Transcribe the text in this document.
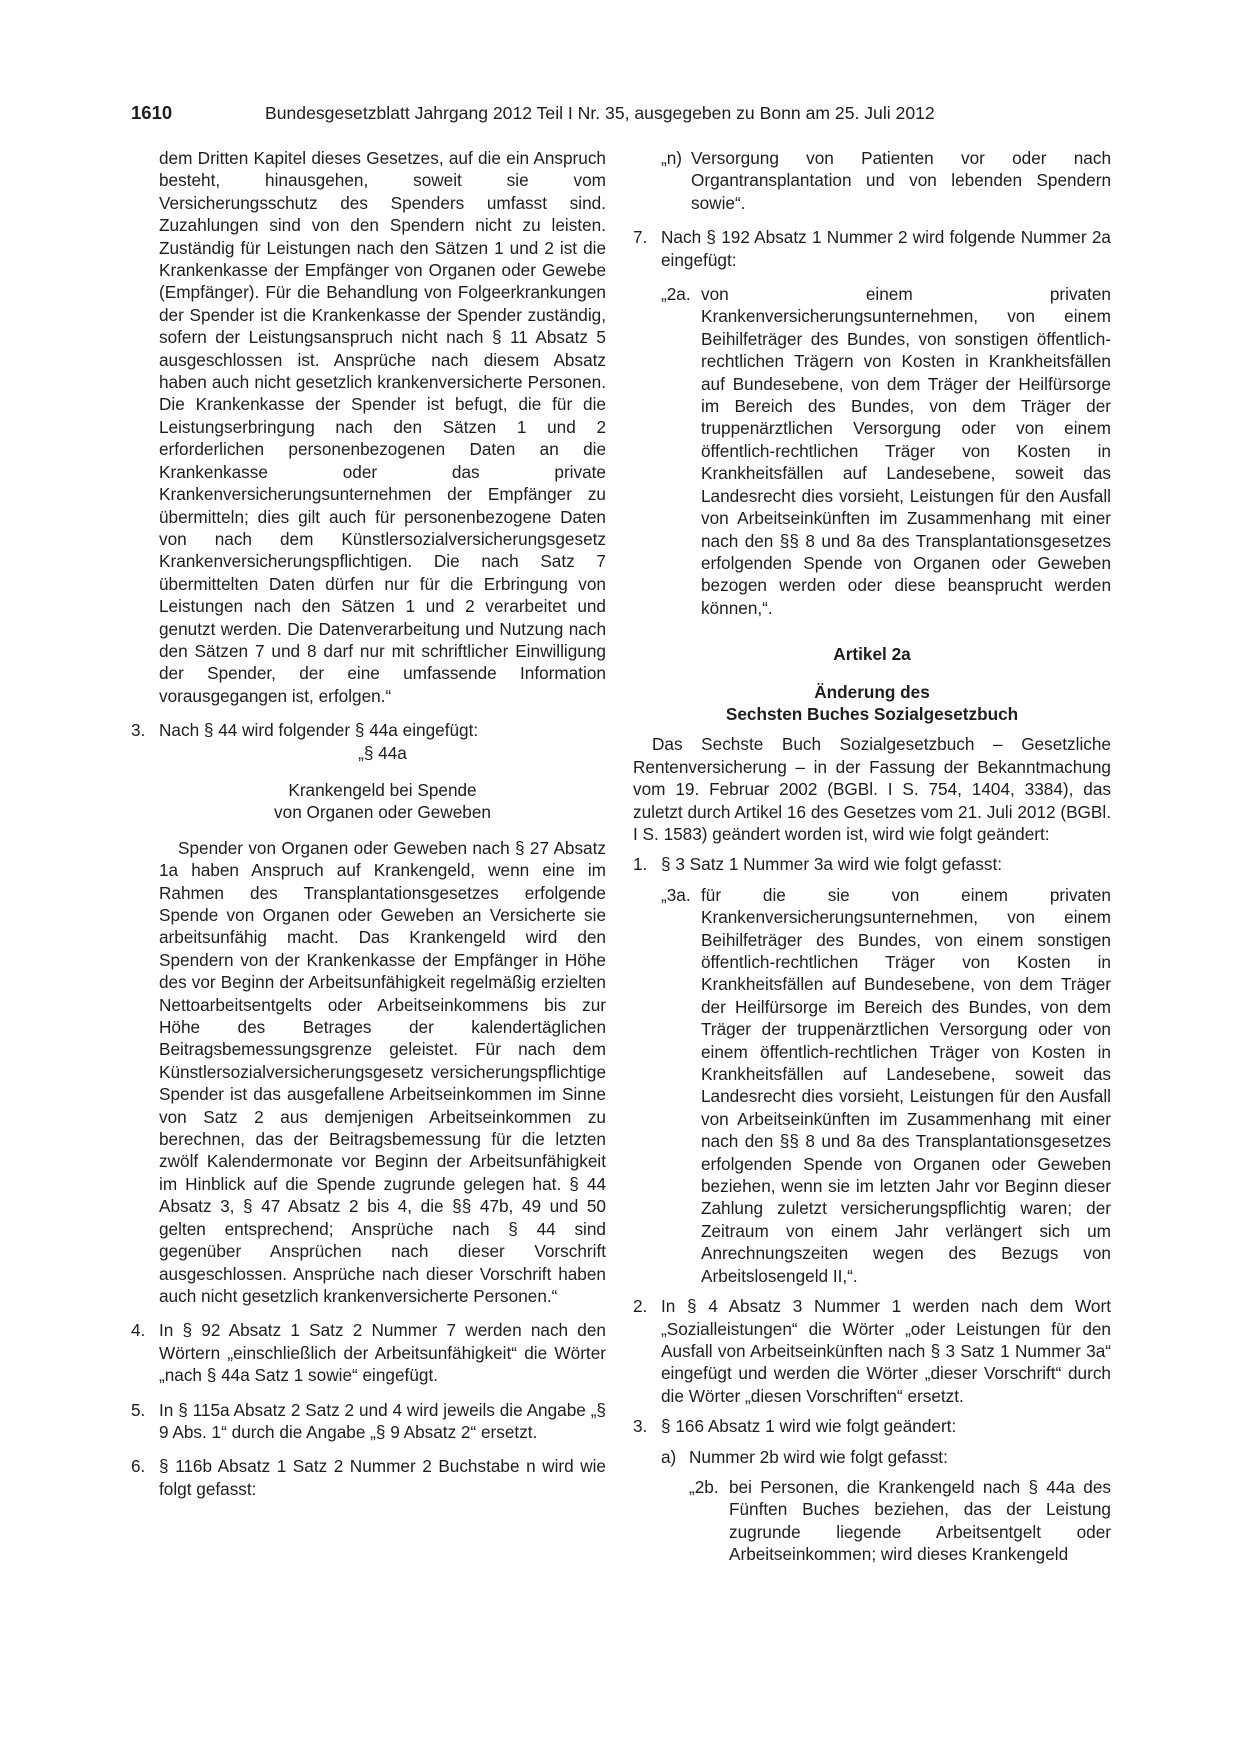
1610	Bundesgesetzblatt Jahrgang 2012 Teil I Nr. 35, ausgegeben zu Bonn am 25. Juli 2012

dem Dritten Kapitel dieses Gesetzes, auf die ein Anspruch besteht, hinausgehen, soweit sie vom Versicherungsschutz des Spenders umfasst sind. Zuzahlungen sind von den Spendern nicht zu leisten. Zuständig für Leistungen nach den Sätzen 1 und 2 ist die Krankenkasse der Empfänger von Organen oder Gewebe (Empfänger). Für die Behandlung von Folgeerkrankungen der Spender ist die Krankenkasse der Spender zuständig, sofern der Leistungsanspruch nicht nach § 11 Absatz 5 ausgeschlossen ist. Ansprüche nach diesem Absatz haben auch nicht gesetzlich krankenversicherte Personen. Die Krankenkasse der Spender ist befugt, die für die Leistungserbringung nach den Sätzen 1 und 2 erforderlichen personenbezogenen Daten an die Krankenkasse oder das private Krankenversicherungsunternehmen der Empfänger zu übermitteln; dies gilt auch für personenbezogene Daten von nach dem Künstlersozialversicherungsgesetz Krankenversicherungspflichtigen. Die nach Satz 7 übermittelten Daten dürfen nur für die Erbringung von Leistungen nach den Sätzen 1 und 2 verarbeitet und genutzt werden. Die Datenverarbeitung und Nutzung nach den Sätzen 7 und 8 darf nur mit schriftlicher Einwilligung der Spender, der eine umfassende Information vorausgegangen ist, erfolgen.“

3. Nach § 44 wird folgender § 44a eingefügt:

„§ 44a

Krankengeld bei Spende

von Organen oder Geweben

Spender von Organen oder Geweben nach § 27 Absatz 1a haben Anspruch auf Krankengeld, wenn eine im Rahmen des Transplantationsgesetzes erfolgende Spende von Organen oder Geweben an Versicherte sie arbeitsunfähig macht. Das Krankengeld wird den Spendern von der Krankenkasse der Empfänger in Höhe des vor Beginn der Arbeitsunfähigkeit regelmäßig erzielten Nettoarbeitsentgelts oder Arbeitseinkommens bis zur Höhe des Betrages der kalendertäglichen Beitragsbemessungsgrenze geleistet. Für nach dem Künstlersozialversicherungsgesetz versicherungspflichtige Spender ist das ausgefallene Arbeitseinkommen im Sinne von Satz 2 aus demjenigen Arbeitseinkommen zu berechnen, das der Beitragsbemessung für die letzten zwölf Kalendermonate vor Beginn der Arbeitsunfähigkeit im Hinblick auf die Spende zugrunde gelegen hat. § 44 Absatz 3, § 47 Absatz 2 bis 4, die §§ 47b, 49 und 50 gelten entsprechend; Ansprüche nach § 44 sind gegenüber Ansprüchen nach dieser Vorschrift ausgeschlossen. Ansprüche nach dieser Vorschrift haben auch nicht gesetzlich krankenversicherte Personen.“

4. In § 92 Absatz 1 Satz 2 Nummer 7 werden nach den Wörtern „einschließlich der Arbeitsunfähigkeit“ die Wörter „nach § 44a Satz 1 sowie“ eingefügt.

5. In § 115a Absatz 2 Satz 2 und 4 wird jeweils die Angabe „§ 9 Abs. 1“ durch die Angabe „§ 9 Absatz 2“ ersetzt.

6. § 116b Absatz 1 Satz 2 Nummer 2 Buchstabe n wird wie folgt gefasst:

„n) Versorgung von Patienten vor oder nach Organtransplantation und von lebenden Spendern sowie“.

7. Nach § 192 Absatz 1 Nummer 2 wird folgende Nummer 2a eingefügt:

„2a. von einem privaten Krankenversicherungsunternehmen, von einem Beihilfeträger des Bundes, von sonstigen öffentlich-rechtlichen Trägern von Kosten in Krankheitsfällen auf Bundesebene, von dem Träger der Heilfürsorge im Bereich des Bundes, von dem Träger der truppenärztlichen Versorgung oder von einem öffentlich-rechtlichen Träger von Kosten in Krankheitsfällen auf Landesebene, soweit das Landesrecht dies vorsieht, Leistungen für den Ausfall von Arbeitseinkünften im Zusammenhang mit einer nach den §§ 8 und 8a des Transplantationsgesetzes erfolgenden Spende von Organen oder Geweben bezogen werden oder diese beansprucht werden können,“.

Artikel 2a

Änderung des

Sechsten Buches Sozialgesetzbuch

Das Sechste Buch Sozialgesetzbuch – Gesetzliche Rentenversicherung – in der Fassung der Bekanntmachung vom 19. Februar 2002 (BGBl. I S. 754, 1404, 3384), das zuletzt durch Artikel 16 des Gesetzes vom 21. Juli 2012 (BGBl. I S. 1583) geändert worden ist, wird wie folgt geändert:

1. § 3 Satz 1 Nummer 3a wird wie folgt gefasst:

„3a. für die sie von einem privaten Krankenversicherungsunternehmen, von einem Beihilfeträger des Bundes, von einem sonstigen öffentlich-rechtlichen Träger von Kosten in Krankheitsfällen auf Bundesebene, von dem Träger der Heilfürsorge im Bereich des Bundes, von dem Träger der truppenärztlichen Versorgung oder von einem öffentlich-rechtlichen Träger von Kosten in Krankheitsfällen auf Landesebene, soweit das Landesrecht dies vorsieht, Leistungen für den Ausfall von Arbeitseinkünften im Zusammenhang mit einer nach den §§ 8 und 8a des Transplantationsgesetzes erfolgenden Spende von Organen oder Geweben beziehen, wenn sie im letzten Jahr vor Beginn dieser Zahlung zuletzt versicherungspflichtig waren; der Zeitraum von einem Jahr verlängert sich um Anrechnungszeiten wegen des Bezugs von Arbeitslosengeld II,“.

2. In § 4 Absatz 3 Nummer 1 werden nach dem Wort „Sozialleistungen“ die Wörter „oder Leistungen für den Ausfall von Arbeitseinkünften nach § 3 Satz 1 Nummer 3a“ eingefügt und werden die Wörter „dieser Vorschrift“ durch die Wörter „diesen Vorschriften“ ersetzt.

3. § 166 Absatz 1 wird wie folgt geändert:

a) Nummer 2b wird wie folgt gefasst:

„2b. bei Personen, die Krankengeld nach § 44a des Fünften Buches beziehen, das der Leistung zugrunde liegende Arbeitsentgelt oder Arbeitseinkommen; wird dieses Krankengeld
